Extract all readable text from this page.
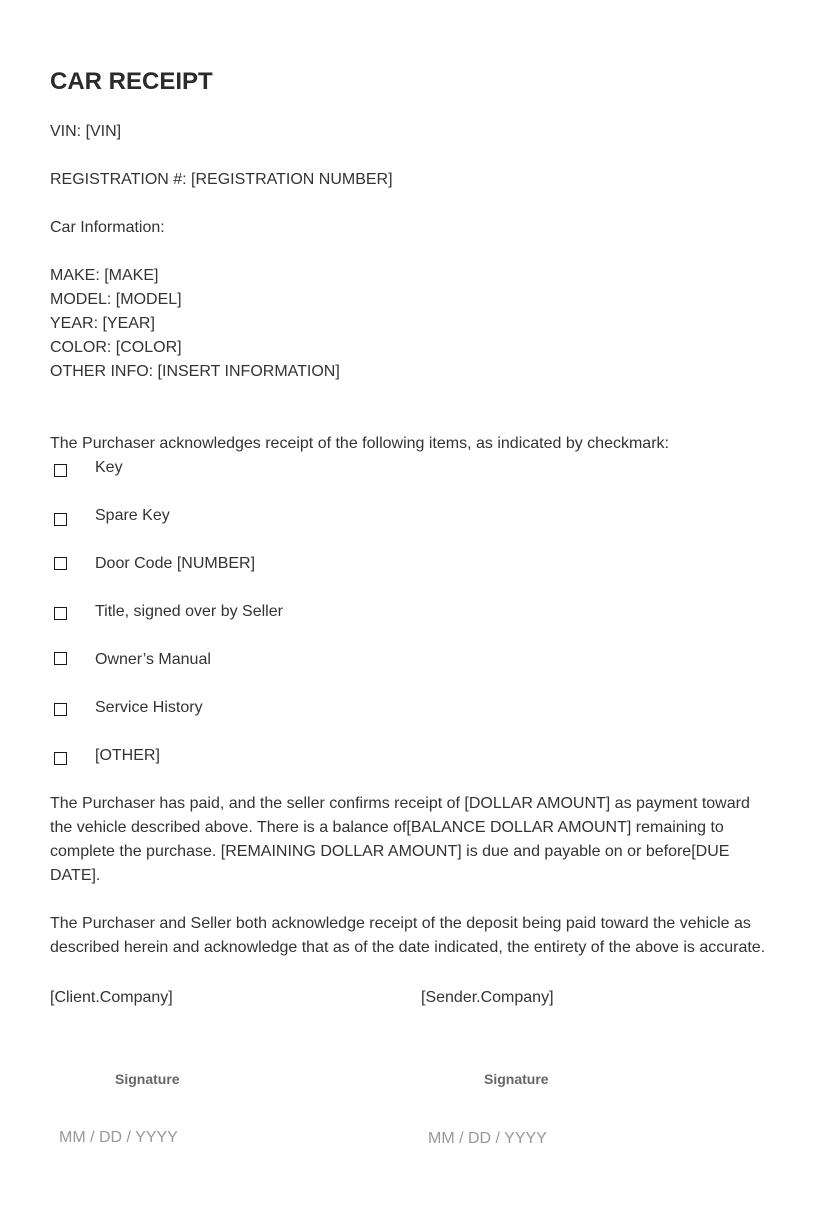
CAR RECEIPT
VIN: [VIN]
REGISTRATION #: [REGISTRATION NUMBER]
Car Information:
MAKE: [MAKE]
MODEL: [MODEL]
YEAR: [YEAR]
COLOR: [COLOR]
OTHER INFO: [INSERT INFORMATION]
The Purchaser acknowledges receipt of the following items, as indicated by checkmark:
Key
Spare Key
Door Code [NUMBER]
Title, signed over by Seller
Owner’s Manual
Service History
[OTHER]
The Purchaser has paid, and the seller confirms receipt of [DOLLAR AMOUNT] as payment toward the vehicle described above. There is a balance of[BALANCE DOLLAR AMOUNT] remaining to complete the purchase. [REMAINING DOLLAR AMOUNT] is due and payable on or before[DUE DATE].
The Purchaser and Seller both acknowledge receipt of the deposit being paid toward the vehicle as described herein and acknowledge that as of the date indicated, the entirety of the above is accurate.
[Client.Company]
Signature
MM / DD / YYYY
[Sender.Company]
Signature
MM / DD / YYYY
